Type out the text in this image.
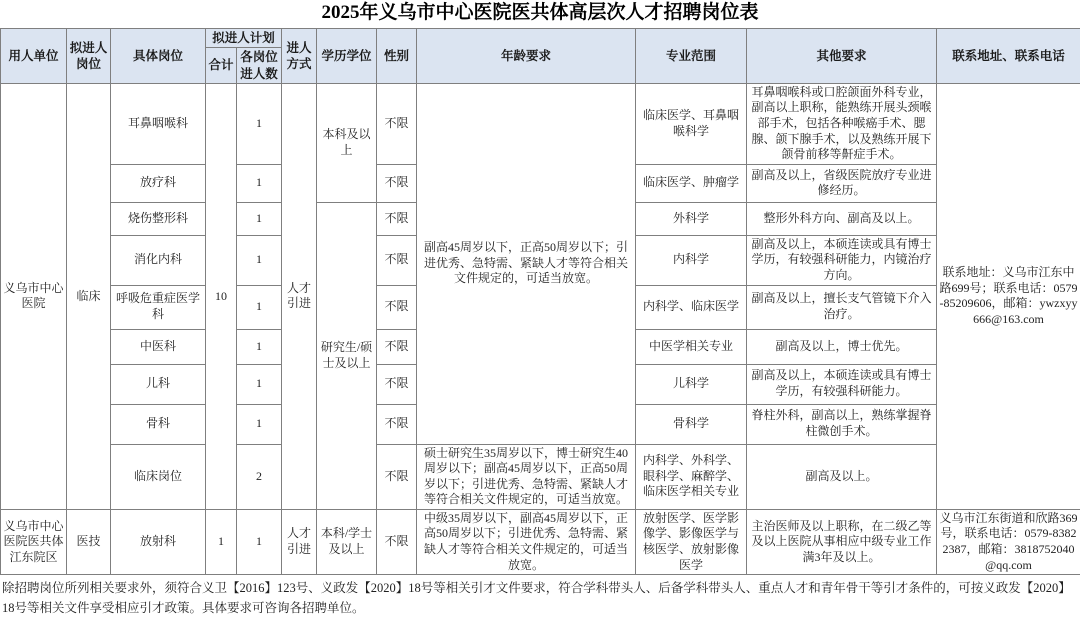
2025年义乌市中心医院医共体高层次人才招聘岗位表
用人单位	拟进人 岗位	具体岗位	拟进人计划		进人方式	学历学位	性别	年龄要求	专业范围	其他要求	联系地址、联系电话
			合计	各岗位进人数							
义乌市中心医院	临床	耳鼻咽喉科	10	1	人才引进	本科及以上	不限	副高45周岁以下，正高50周岁以下；引进优秀、急特需、紧缺人才等符合相关文件规定的，可适当放宽。	临床医学、耳鼻咽喉科学	耳鼻咽喉科或口腔颌面外科专业，副高以上职称，能熟练开展头颈喉部手术，包括各种喉癌手术、腮腺、颌下腺手术，以及熟练开展下颌骨前移等鼾症手术。	联系地址：义乌市江东中路699号；联系电话：0579-85209606，邮箱：ywzxyy666@163.com
		放疗科		1			不限		临床医学、肿瘤学	副高及以上，省级医院放疗专业进修经历。	
		烧伤整形科		1		研究生/硕士及以上	不限		外科学	整形外科方向、副高及以上。	
		消化内科		1			不限		内科学	副高及以上，本硕连读或具有博士学历，有较强科研能力，内镜治疗方向。	
		呼吸危重症医学科		1			不限		内科学、临床医学	副高及以上，擅长支气管镜下介入治疗。	
		中医科		1			不限		中医学相关专业	副高及以上，博士优先。	
		儿科		1			不限		儿科学	副高及以上，本硕连读或具有博士学历，有较强科研能力。	
		骨科		1			不限		骨科学	脊柱外科，副高以上，熟练掌握脊柱微创手术。	
		临床岗位		2			不限	硕士研究生35周岁以下，博士研究生40周岁以下；副高45周岁以下，正高50周岁以下；引进优秀、急特需、紧缺人才等符合相关文件规定的，可适当放宽。	内科学、外科学、眼科学、麻醉学、临床医学相关专业	副高及以上。	
义乌市中心医院医共体江东院区	医技	放射科	1	1	人才引进	本科/学士及以上	不限	中级35周岁以下，副高45周岁以下，正高50周岁以下；引进优秀、急特需、紧缺人才等符合相关文件规定的，可适当放宽。	放射医学、医学影像学、影像医学与核医学、放射影像医学	主治医师及以上职称，在二级乙等及以上医院从事相应中级专业工作满3年及以上。	义乌市江东街道和欣路369号，联系电话：0579-83822387，邮箱：3818752040@qq.com
除招聘岗位所列相关要求外，须符合义卫【2016】123号、义政发【2020】18号等相关引才文件要求，符合学科带头人、后备学科带头人、重点人才和青年骨干等引才条件的，可按义政发【2020】18号等相关文件享受相应引才政策。具体要求可咨询各招聘单位。
